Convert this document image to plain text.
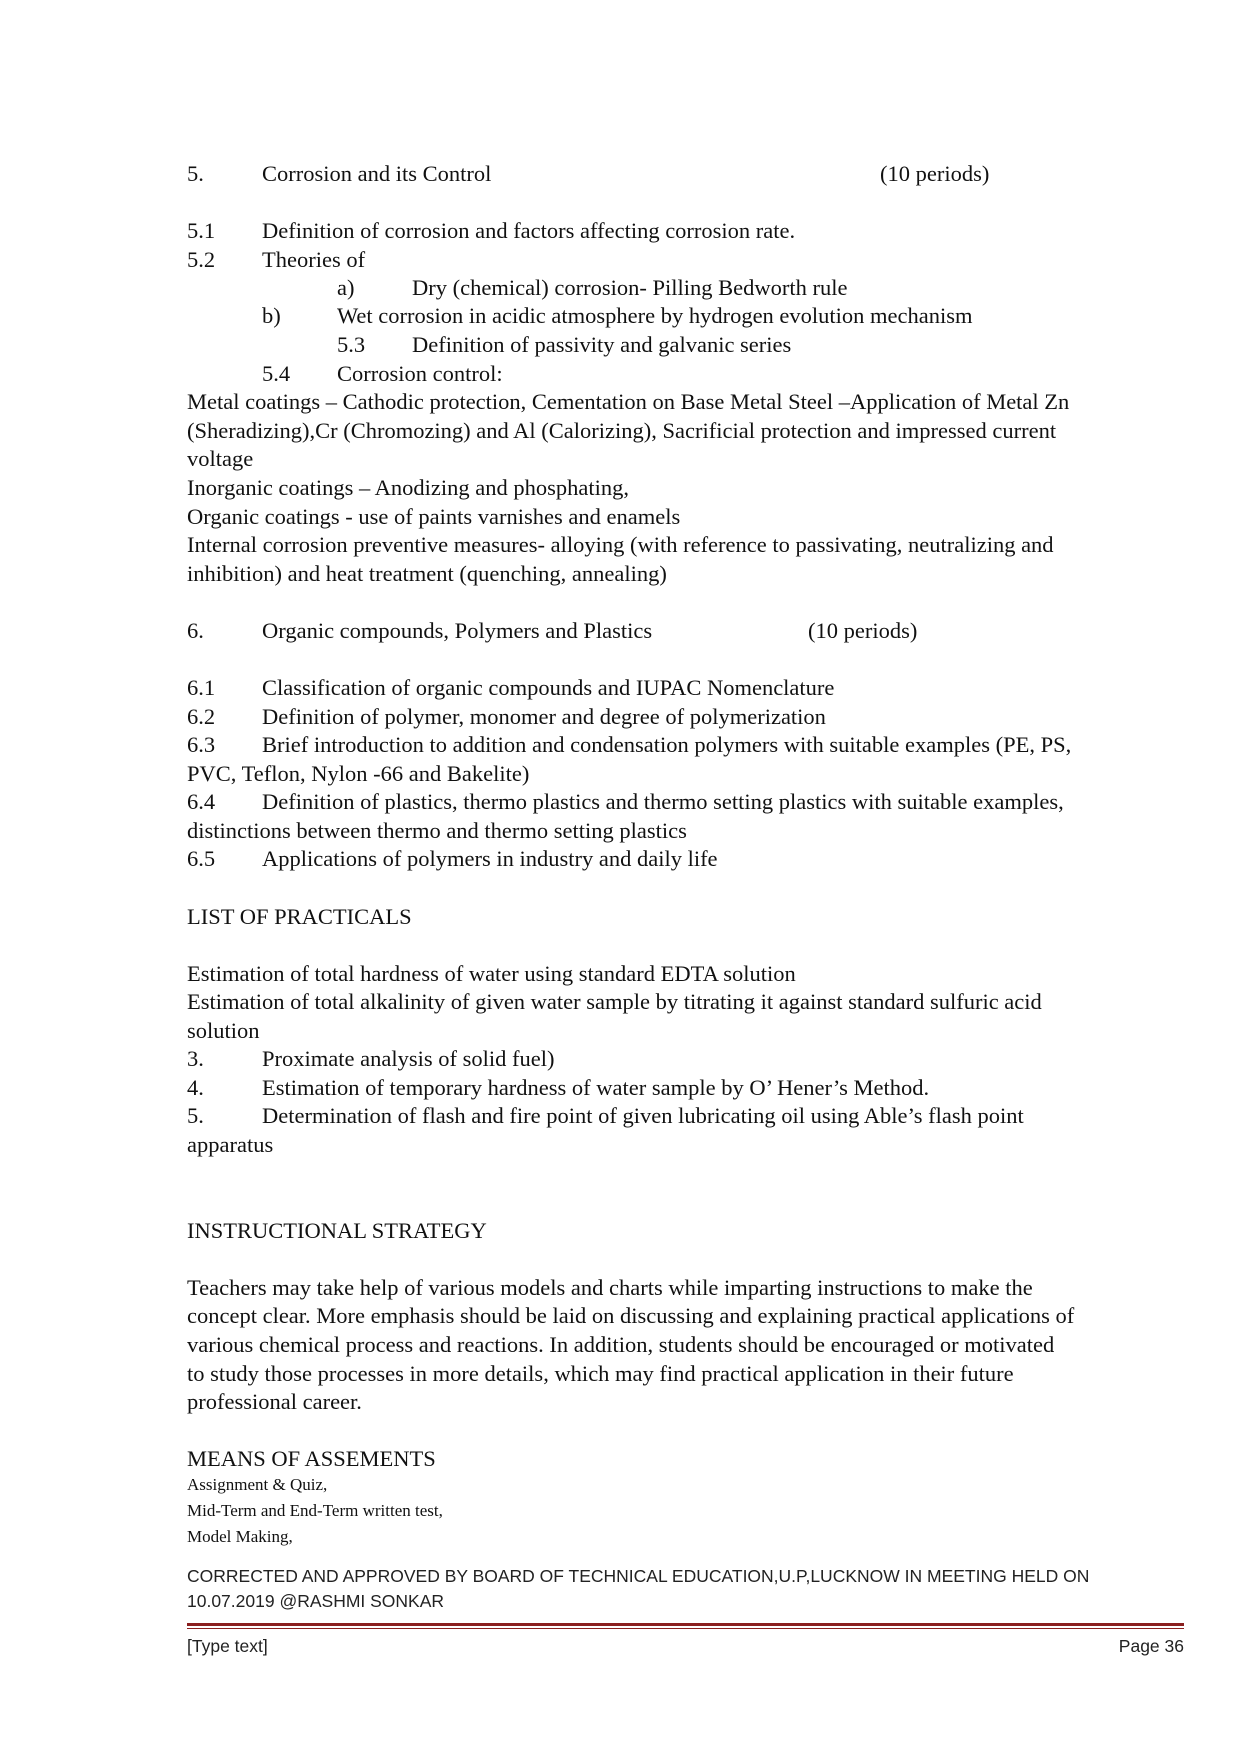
5.	Corrosion and its Control	(10 periods)
5.1 Definition of corrosion and factors affecting corrosion rate.
5.2 Theories of
a)	Dry (chemical) corrosion- Pilling Bedworth rule
b)	Wet corrosion in acidic atmosphere by hydrogen evolution mechanism
5.3 Definition of passivity and galvanic series
5.4 Corrosion control:
Metal coatings – Cathodic protection, Cementation on Base Metal Steel –Application of Metal Zn
(Sheradizing),Cr (Chromozing) and Al (Calorizing), Sacrificial protection and impressed current
voltage
Inorganic coatings – Anodizing and phosphating,
Organic coatings - use of paints varnishes and enamels
Internal corrosion preventive measures- alloying (with reference to passivating, neutralizing and
inhibition) and heat treatment (quenching, annealing)
6.	Organic compounds, Polymers and Plastics	(10 periods)
6.1 Classification of organic compounds and IUPAC Nomenclature
6.2 Definition of polymer, monomer and degree of polymerization
6.3 Brief introduction to addition and condensation polymers with suitable examples (PE, PS,
PVC, Teflon, Nylon -66 and Bakelite)
6.4 Definition of plastics, thermo plastics and thermo setting plastics with suitable examples,
distinctions between thermo and thermo setting plastics
6.5 Applications of polymers in industry and daily life
LIST OF PRACTICALS
Estimation of total hardness of water using standard EDTA solution
Estimation of total alkalinity of given water sample by titrating it against standard sulfuric acid
solution
3.	Proximate analysis of solid fuel)
4.	Estimation of temporary hardness of water sample by O’ Hener’s Method.
5.	Determination of flash and fire point of given lubricating oil using Able’s flash point
apparatus
INSTRUCTIONAL STRATEGY
Teachers may take help of various models and charts while imparting instructions to make the
concept clear. More emphasis should be laid on discussing and explaining practical applications of
various chemical process and reactions. In addition, students should be encouraged or motivated
to study those processes in more details, which may find practical application in their future
professional career.
MEANS OF ASSEMENTS
Assignment & Quiz,
Mid-Term and End-Term written test,
Model Making,
CORRECTED AND APPROVED BY BOARD OF TECHNICAL EDUCATION,U.P,LUCKNOW IN MEETING HELD ON
10.07.2019 @RASHMI SONKAR
[Type text]	Page 36
